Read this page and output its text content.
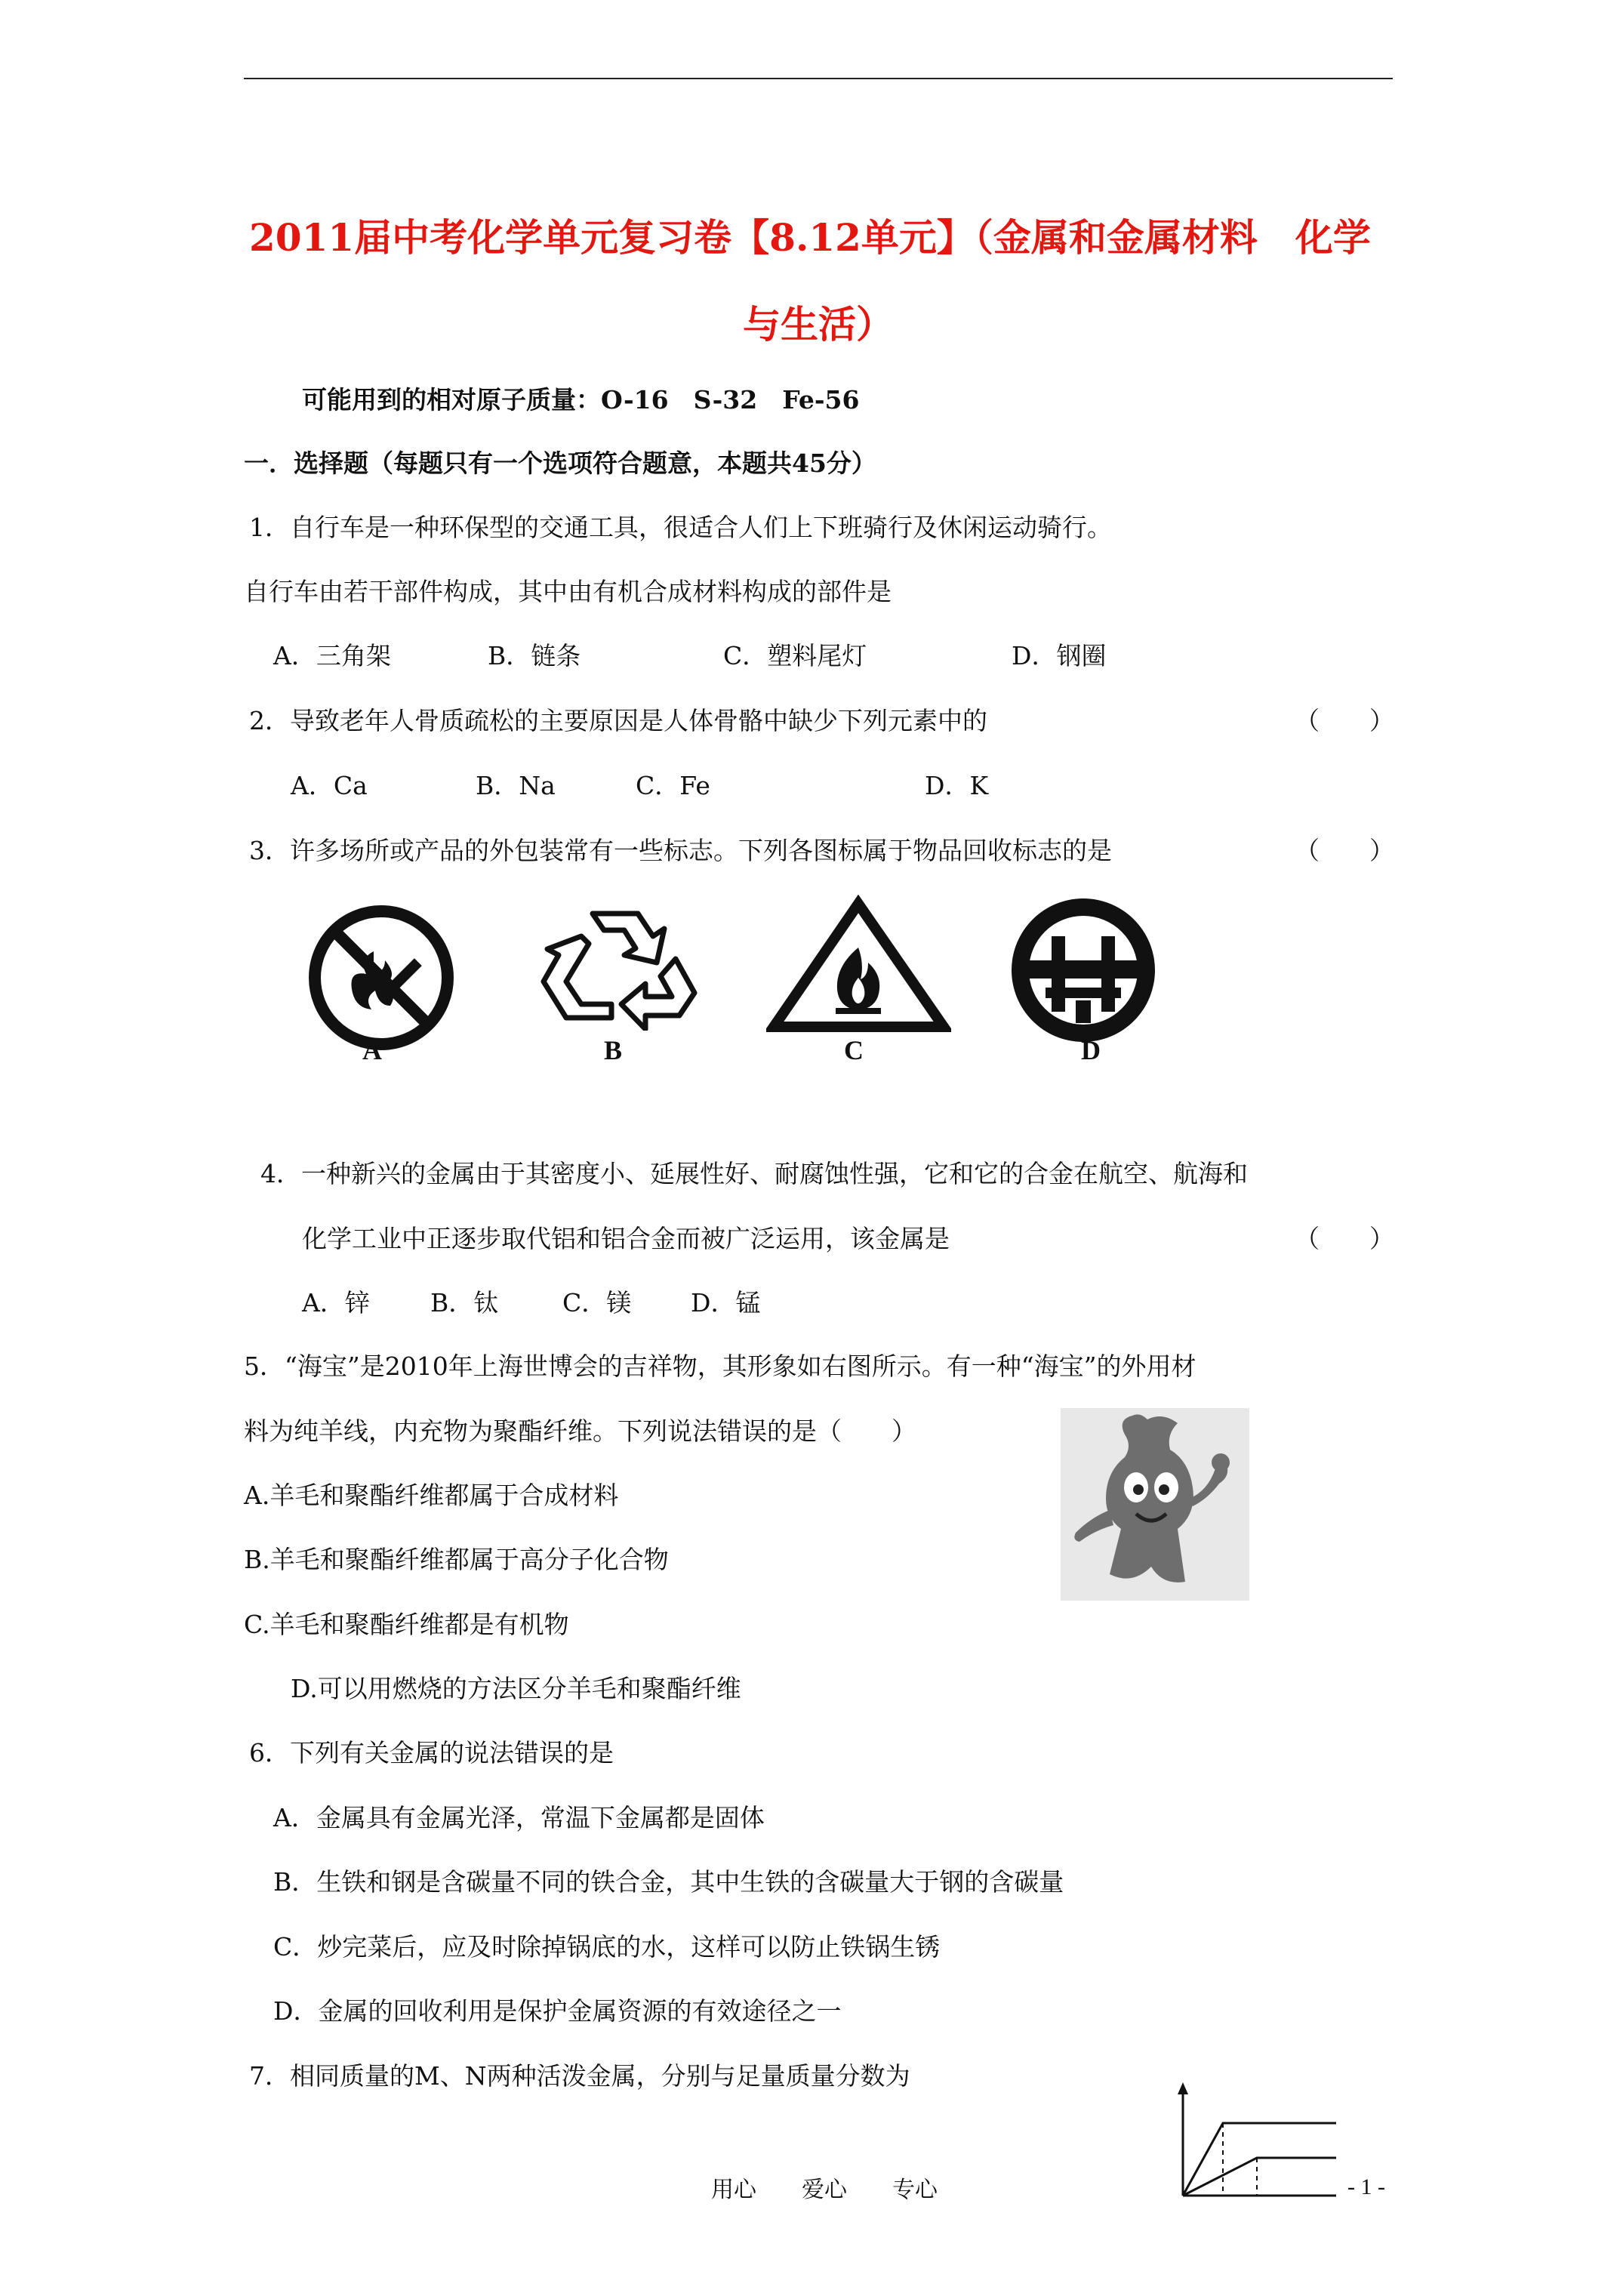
2011届中考化学单元复习卷【8.12单元】（金属和金属材料　化学
与生活）
可能用到的相对原子质量：O-16　S-32　Fe-56
一．选择题（每题只有一个选项符合题意，本题共45分）
1．自行车是一种环保型的交通工具，很适合人们上下班骑行及休闲运动骑行。
自行车由若干部件构成，其中由有机合成材料构成的部件是
A．三角架	B．链条	C．塑料尾灯	D．钢圈
2．导致老年人骨质疏松的主要原因是人体骨骼中缺少下列元素中的	（　　）
A．Ca	B．Na	C．Fe	D．K
3．许多场所或产品的外包装常有一些标志。下列各图标属于物品回收标志的是	（　　）
A	B	C	D
4．一种新兴的金属由于其密度小、延展性好、耐腐蚀性强，它和它的合金在航空、航海和
化学工业中正逐步取代铝和铝合金而被广泛运用，该金属是	（　　）
A．锌 B．钛	C．镁 D．锰
5．“海宝”是2010年上海世博会的吉祥物，其形象如右图所示。有一种“海宝”的外用材
料为纯羊线，内充物为聚酯纤维。下列说法错误的是（　　）
A.羊毛和聚酯纤维都属于合成材料
B.羊毛和聚酯纤维都属于高分子化合物
C.羊毛和聚酯纤维都是有机物
D.可以用燃烧的方法区分羊毛和聚酯纤维
6．下列有关金属的说法错误的是
A．金属具有金属光泽，常温下金属都是固体
B．生铁和钢是含碳量不同的铁合金，其中生铁的含碳量大于钢的含碳量
C．炒完菜后，应及时除掉锅底的水，这样可以防止铁锅生锈
D．金属的回收利用是保护金属资源的有效途径之一
7．相同质量的M、N两种活泼金属，分别与足量质量分数为
用心　　爱心　　专心	- 1 -
